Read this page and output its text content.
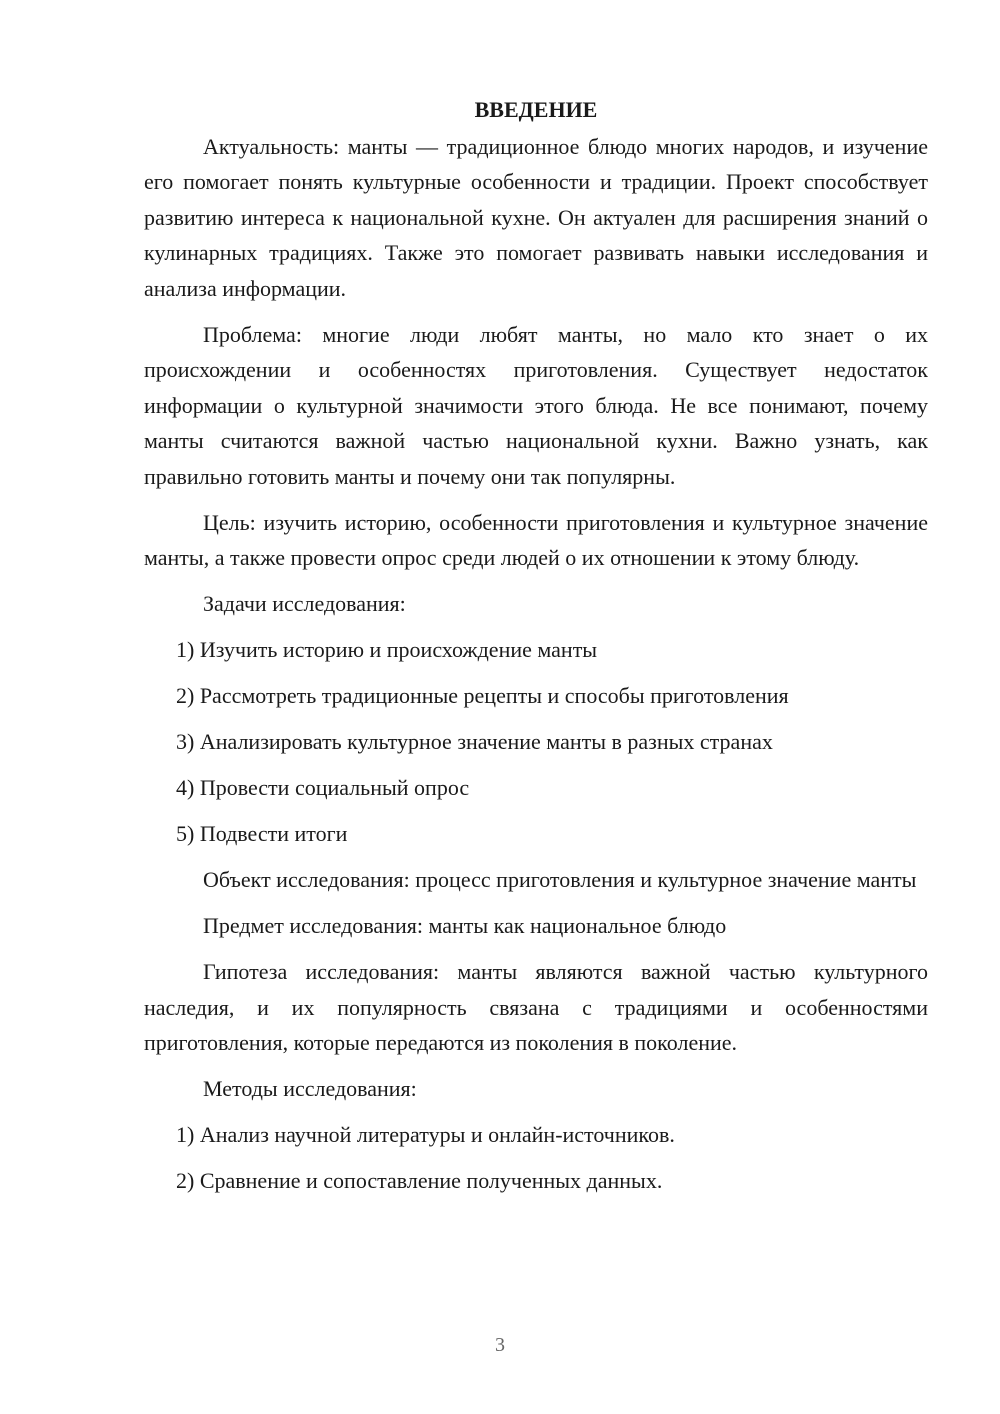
ВВЕДЕНИЕ

Актуальность: манты — традиционное блюдо многих народов, и изучение его помогает понять культурные особенности и традиции. Проект способствует развитию интереса к национальной кухне. Он актуален для расширения знаний о кулинарных традициях. Также это помогает развивать навыки исследования и анализа информации.

Проблема: многие люди любят манты, но мало кто знает о их происхождении и особенностях приготовления. Существует недостаток информации о культурной значимости этого блюда. Не все понимают, почему манты считаются важной частью национальной кухни. Важно узнать, как правильно готовить манты и почему они так популярны.

Цель: изучить историю, особенности приготовления и культурное значение манты, а также провести опрос среди людей о их отношении к этому блюду.

Задачи исследования:

1) Изучить историю и происхождение манты

2) Рассмотреть традиционные рецепты и способы приготовления

3) Анализировать культурное значение манты в разных странах

4) Провести социальный опрос

5) Подвести итоги

Объект исследования: процесс приготовления и культурное значение манты

Предмет исследования: манты как национальное блюдо

Гипотеза исследования: манты являются важной частью культурного наследия, и их популярность связана с традициями и особенностями приготовления, которые передаются из поколения в поколение.

Методы исследования:

1) Анализ научной литературы и онлайн-источников.

2) Сравнение и сопоставление полученных данных.

3
